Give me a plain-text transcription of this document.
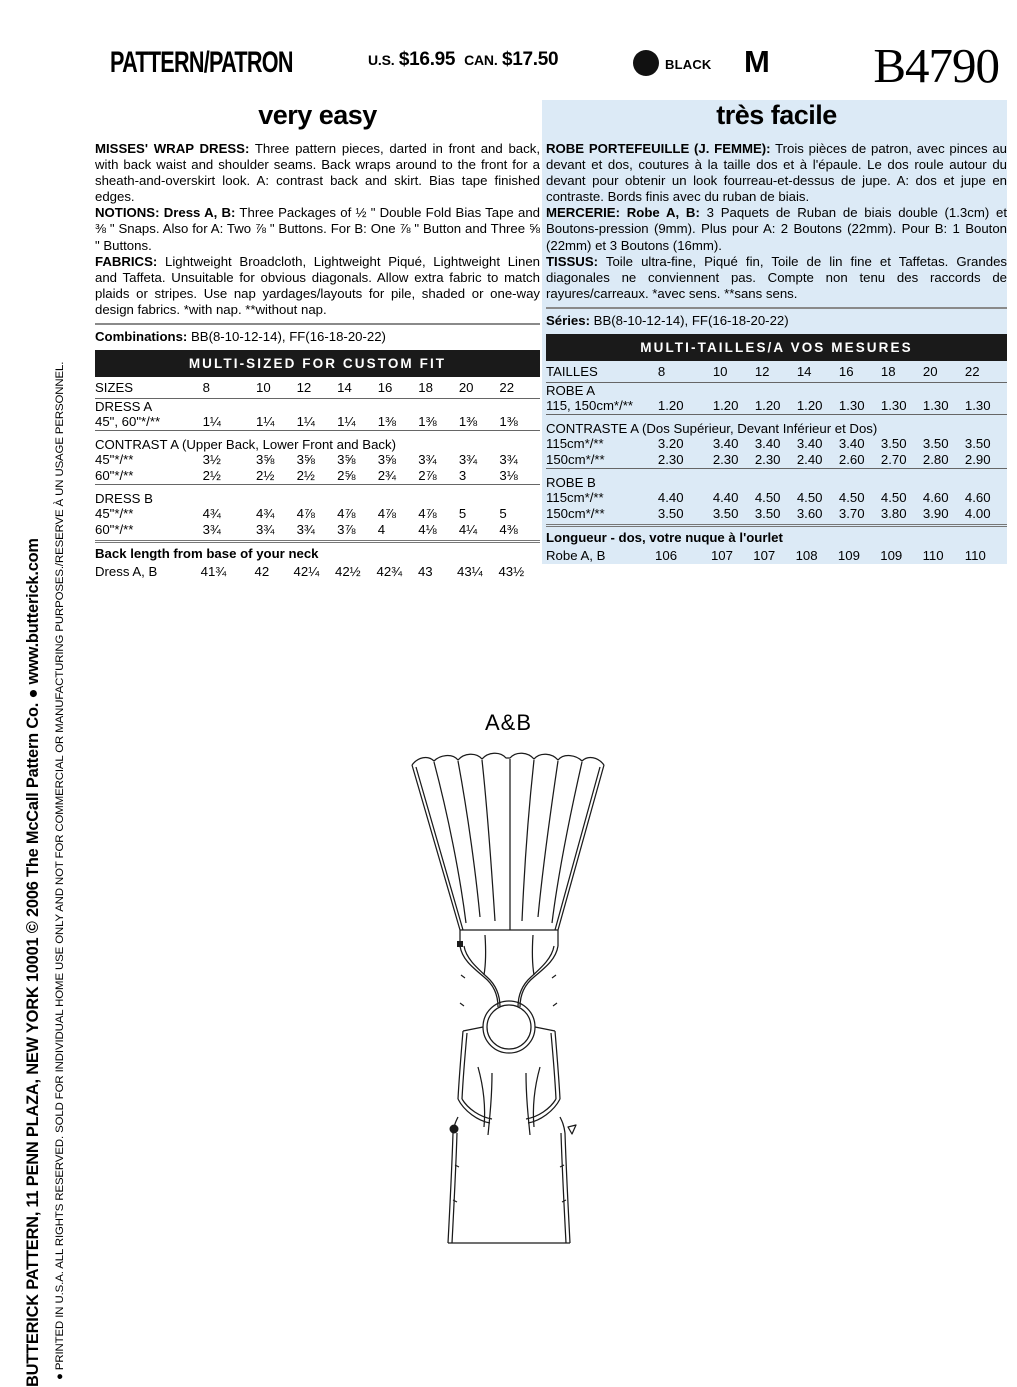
PATTERN/PATRON	U.S. $16.95 CAN. $17.50	BLACK M B4790
very easy

MISSES' WRAP DRESS: Three pattern pieces, darted in front and back, with back waist and shoulder seams. Back wraps around to the front for a sheath-and-overskirt look. A: contrast back and skirt. Bias tape finished edges.

NOTIONS: Dress A, B: Three Packages of ½ " Double Fold Bias Tape and ⅜ " Snaps. Also for A: Two ⅞ " Buttons. For B: One ⅞ " Button and Three ⅝ " Buttons.

FABRICS: Lightweight Broadcloth, Lightweight Piqué, Lightweight Linen and Taffeta. Unsuitable for obvious diagonals. Allow extra fabric to match plaids or stripes. Use nap yardages/layouts for pile, shaded or one-way design fabrics. *with nap. **without nap.

Combinations: BB(8-10-12-14), FF(16-18-20-22)
MULTI-SIZED FOR CUSTOM FIT
SIZES	8	10	12	14	16	18	20	22
DRESS A								
45", 60"*/**	1¼	1¼	1¼	1¼	1⅜	1⅜	1⅜	1⅜

CONTRAST A (Upper Back, Lower Front and Back)								
45"*/**	3½	3⅝	3⅝	3⅝	3⅝	3¾	3¾	3¾
60"*/**	2½	2½	2½	2⅝	2¾	2⅞	3	3⅛

DRESS B								
45"*/**	4¾	4¾	4⅞	4⅞	4⅞	4⅞	5	5
60"*/**	3¾	3¾	3¾	3⅞	4	4⅛	4¼	4⅜
Back length from base of your neck
Dress A, B	41¾	42	42¼	42½	42¾	43	43¼	43½
très facile

ROBE PORTEFEUILLE (J. FEMME): Trois pièces de patron, avec pinces au devant et dos, coutures à la taille dos et à l'épaule. Le dos roule autour du devant pour obtenir un look fourreau-et-dessus de jupe. A: dos et jupe en contraste. Bords finis avec du ruban de biais.

MERCERIE: Robe A, B: 3 Paquets de Ruban de biais double (1.3cm) et Boutons-pression (9mm). Plus pour A: 2 Boutons (22mm). Pour B: 1 Bouton (22mm) et 3 Boutons (16mm).

TISSUS: Toile ultra-fine, Piqué fin, Toile de lin fine et Taffetas. Grandes diagonales ne conviennent pas. Compte non tenu des raccords de rayures/carreaux. *avec sens. **sans sens.

Séries: BB(8-10-12-14), FF(16-18-20-22)
MULTI-TAILLES/A VOS MESURES
TAILLES	8	10	12	14	16	18	20	22
ROBE A								
115, 150cm*/**	1.20	1.20	1.20	1.20	1.30	1.30	1.30	1.30

CONTRASTE A (Dos Supérieur, Devant Inférieur et Dos)								
115cm*/**	3.20	3.40	3.40	3.40	3.40	3.50	3.50	3.50
150cm*/**	2.30	2.30	2.30	2.40	2.60	2.70	2.80	2.90

ROBE B								
115cm*/**	4.40	4.40	4.50	4.50	4.50	4.50	4.60	4.60
150cm*/**	3.50	3.50	3.50	3.60	3.70	3.80	3.90	4.00
Longueur - dos, votre nuque à l'ourlet
Robe A, B	106	107	107	108	109	109	110	110
A&B
● PRINTED IN U.S.A. ALL RIGHTS RESERVED. SOLD FOR INDIVIDUAL HOME USE ONLY AND NOT FOR COMMERCIAL OR MANUFACTURING PURPOSES./RESERVE À UN USAGE PERSONNEL.
BUTTERICK PATTERN, 11 PENN PLAZA, NEW YORK 10001 © 2006 The McCall Pattern Co. ● www.butterick.com
